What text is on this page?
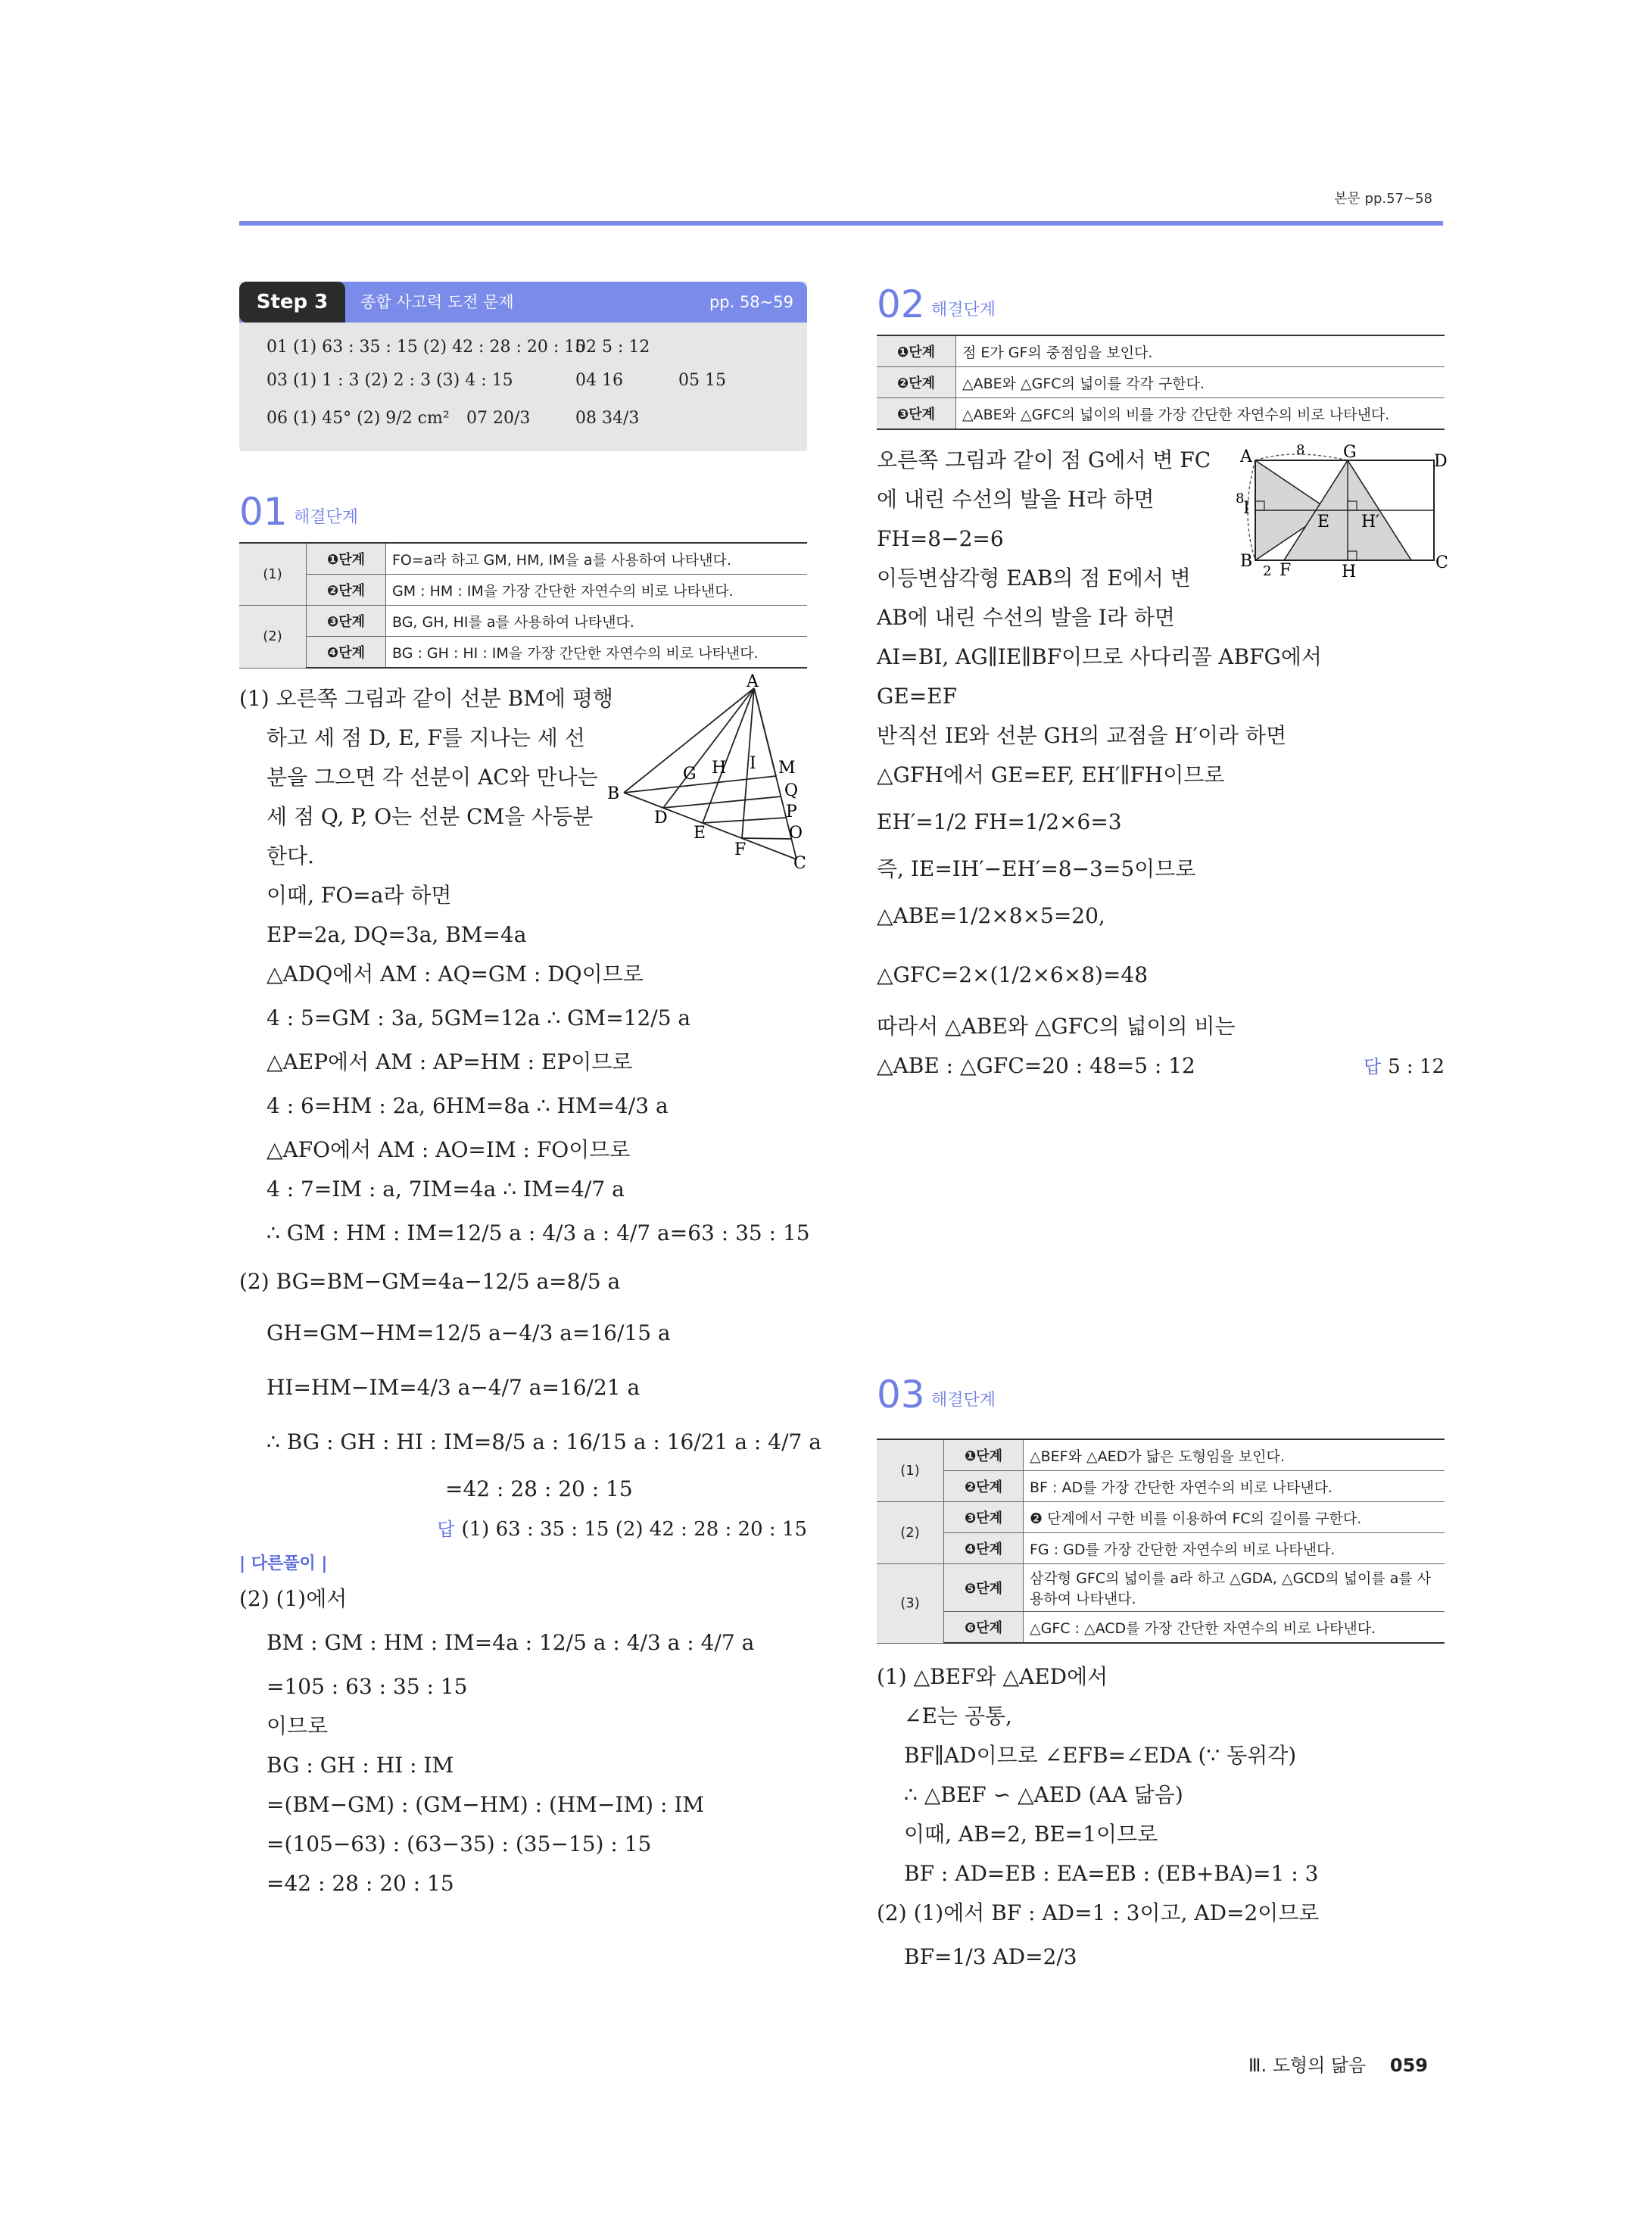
본문 pp.57~58
Step 3	종합 사고력 도전 문제	pp. 58~59
01 (1) 63 : 35 : 15 (2) 42 : 28 : 20 : 15
02 5 : 12
03 (1) 1 : 3 (2) 2 : 3 (3) 4 : 15	04 16	05 15
06 (1) 45° (2) 9/2 cm² 07 20/3	08 34/3
01 해결단계
(1)	❶단계	FO=a라 하고 GM, HM, IM을 a를 사용하여 나타낸다.
	❷단계	GM : HM : IM을 가장 간단한 자연수의 비로 나타낸다.
(2)	❸단계	BG, GH, HI를 a를 사용하여 나타낸다.
	❹단계	BG : GH : HI : IM을 가장 간단한 자연수의 비로 나타낸다.
A
B
C
D
E
F
G H I M
Q
P
O
(1) 오른쪽 그림과 같이 선분 BM에 평행
하고 세 점 D, E, F를 지나는 세 선
분을 그으면 각 선분이 AC와 만나는
세 점 Q, P, O는 선분 CM을 사등분
한다.
이때, FO=a라 하면
EP=2a, DQ=3a, BM=4a
△ADQ에서 AM : AQ=GM : DQ이므로
4 : 5=GM : 3a, 5GM=12a ∴ GM=12/5 a
△AEP에서 AM : AP=HM : EP이므로
4 : 6=HM : 2a, 6HM=8a ∴ HM=4/3 a
△AFO에서 AM : AO=IM : FO이므로
4 : 7=IM : a, 7IM=4a ∴ IM=4/7 a
∴ GM : HM : IM=12/5 a : 4/3 a : 4/7 a=63 : 35 : 15
(2) BG=BM−GM=4a−12/5 a=8/5 a
GH=GM−HM=12/5 a−4/3 a=16/15 a
HI=HM−IM=4/3 a−4/7 a=16/21 a
∴ BG : GH : HI : IM=8/5 a : 16/15 a : 16/21 a : 4/7 a
=42 : 28 : 20 : 15
답 (1) 63 : 35 : 15 (2) 42 : 28 : 20 : 15
| 다른풀이 |
(2) (1)에서
BM : GM : HM : IM=4a : 12/5 a : 4/3 a : 4/7 a
=105 : 63 : 35 : 15
이므로
BG : GH : HI : IM
=(BM−GM) : (GM−HM) : (HM−IM) : IM
=(105−63) : (63−35) : (35−15) : 15
=42 : 28 : 20 : 15
02 해결단계
❶단계	점 E가 GF의 중점임을 보인다.
❷단계	△ABE와 △GFC의 넓이를 각각 구한다.
❸단계	△ABE와 △GFC의 넓이의 비를 가장 간단한 자연수의 비로 나타낸다.
A	8 G	D
8
I
E H′
B
2 F	H	C
오른쪽 그림과 같이 점 G에서 변 FC
에 내린 수선의 발을 H라 하면
FH=8−2=6
이등변삼각형 EAB의 점 E에서 변
AB에 내린 수선의 발을 I라 하면
AI=BI, AG∥IE∥BF이므로 사다리꼴 ABFG에서
GE=EF
반직선 IE와 선분 GH의 교점을 H′이라 하면
△GFH에서 GE=EF, EH′∥FH이므로
EH′=1/2 FH=1/2×6=3
즉, IE=IH′−EH′=8−3=5이므로
△ABE=1/2×8×5=20,
△GFC=2×(1/2×6×8)=48
따라서 △ABE와 △GFC의 넓이의 비는
△ABE : △GFC=20 : 48=5 : 12	답 5 : 12
03 해결단계
(1)	❶단계	△BEF와 △AED가 닮은 도형임을 보인다.
	❷단계	BF : AD를 가장 간단한 자연수의 비로 나타낸다.
(2)	❸단계	❷ 단계에서 구한 비를 이용하여 FC의 길이를 구한다.
	❹단계	FG : GD를 가장 간단한 자연수의 비로 나타낸다.
(3)	❺단계	삼각형 GFC의 넓이를 a라 하고 △GDA, △GCD의 넓이를 a를 사용하여 나타낸다.
	❻단계	△GFC : △ACD를 가장 간단한 자연수의 비로 나타낸다.
(1) △BEF와 △AED에서
∠E는 공통,
BF∥AD이므로 ∠EFB=∠EDA (∵ 동위각)
∴ △BEF ∽ △AED (AA 닮음)
이때, AB=2, BE=1이므로
BF : AD=EB : EA=EB : (EB+BA)=1 : 3
(2) (1)에서 BF : AD=1 : 3이고, AD=2이므로
BF=1/3 AD=2/3
Ⅲ. 도형의 닮음 059
